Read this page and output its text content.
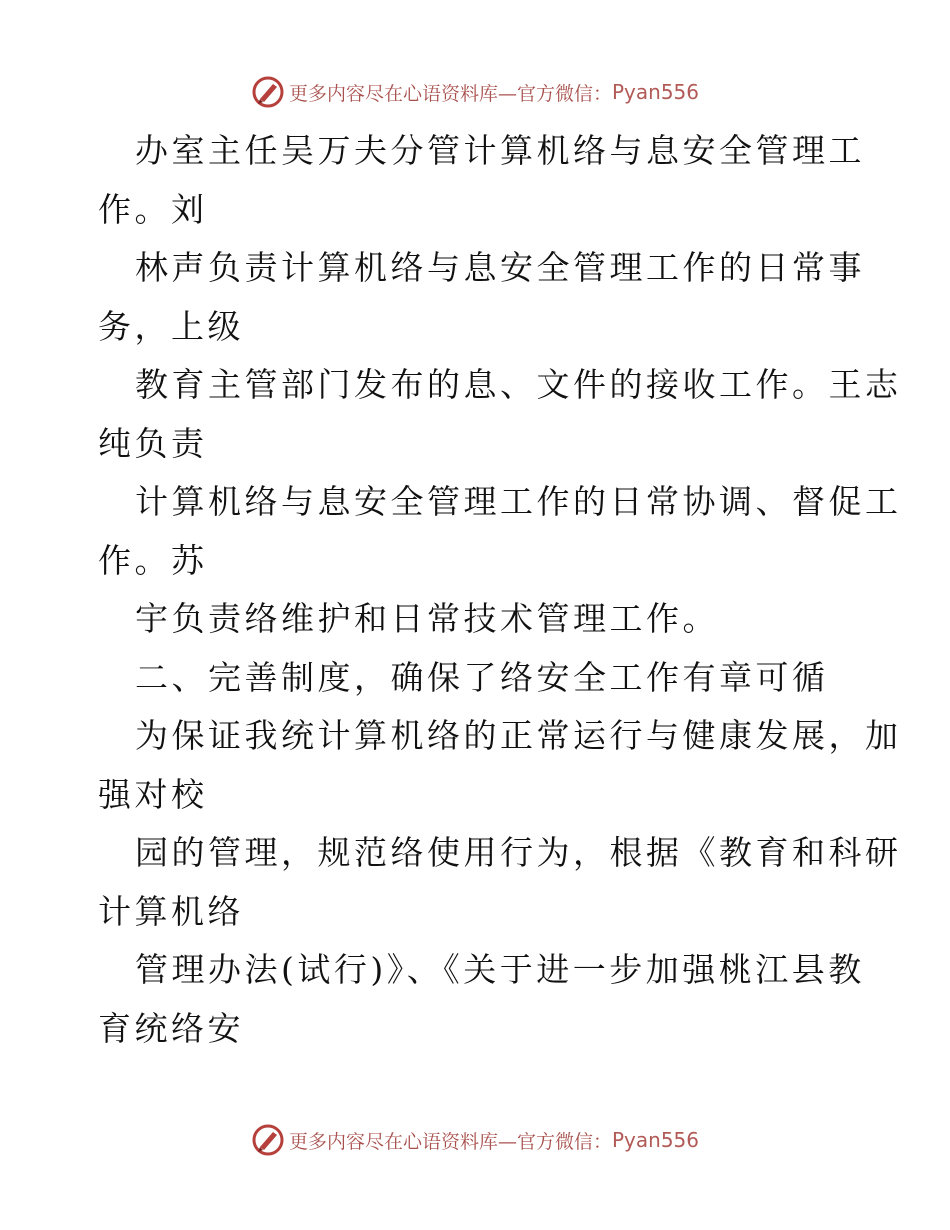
更多内容尽在心语资料库—官方微信： Pyan556
办室主任吴万夫分管计算机络与息安全管理工
作。刘
林声负责计算机络与息安全管理工作的日常事
务，上级
教育主管部门发布的息、文件的接收工作。王志
纯负责
计算机络与息安全管理工作的日常协调、督促工
作。苏
宇负责络维护和日常技术管理工作。
二、完善制度，确保了络安全工作有章可循
为保证我统计算机络的正常运行与健康发展，加
强对校
园的管理，规范络使用行为，根据《教育和科研
计算机络
管理办法(试行)》、《关于进一步加强桃江县教
育统络安
更多内容尽在心语资料库—官方微信： Pyan556
